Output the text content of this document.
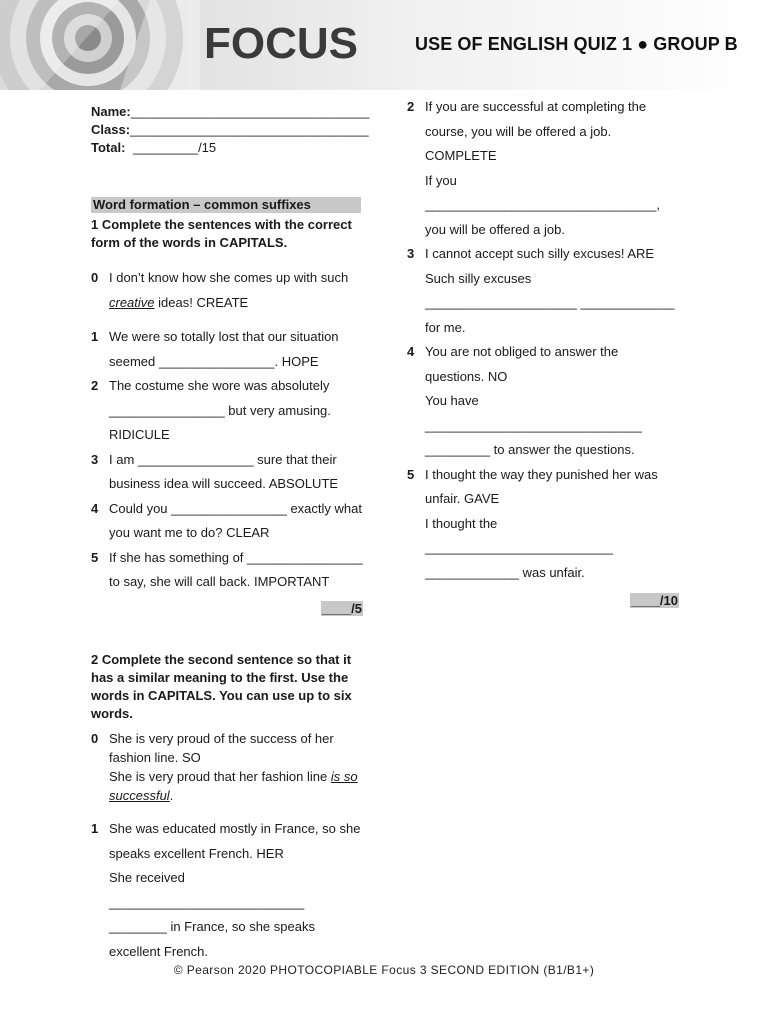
FOCUS	USE OF ENGLISH QUIZ 1 ● GROUP B
Name: _________________________________
Class: _________________________________
Total: _________/15
Word formation – common suffixes
1 Complete the sentences with the correct form of the words in CAPITALS.
0 I don’t know how she comes up with such creative ideas! CREATE
1 We were so totally lost that our situation seemed ________________. HOPE
2 The costume she wore was absolutely ________________ but very amusing. RIDICULE
3 I am ________________ sure that their business idea will succeed. ABSOLUTE
4 Could you ________________ exactly what you want me to do? CLEAR
5 If she has something of ________________ to say, she will call back. IMPORTANT
____/5
2 Complete the second sentence so that it has a similar meaning to the first. Use the words in CAPITALS. You can use up to six words.
0 She is very proud of the success of her fashion line. SO
She is very proud that her fashion line is so successful.
1 She was educated mostly in France, so she speaks excellent French. HER
She received ___________________________ ________ in France, so she speaks excellent French.
2 If you are successful at completing the course, you will be offered a job.
COMPLETE
If you ________________________________, you will be offered a job.
3 I cannot accept such silly excuses! ARE
Such silly excuses _____________________ _____________ for me.
4 You are not obliged to answer the questions. NO
You have ______________________________ _________ to answer the questions.
5 I thought the way they punished her was unfair. GAVE
I thought the __________________________ _____________ was unfair.
____/10
© Pearson 2020 PHOTOCOPIABLE Focus 3 SECOND EDITION (B1/B1+)
